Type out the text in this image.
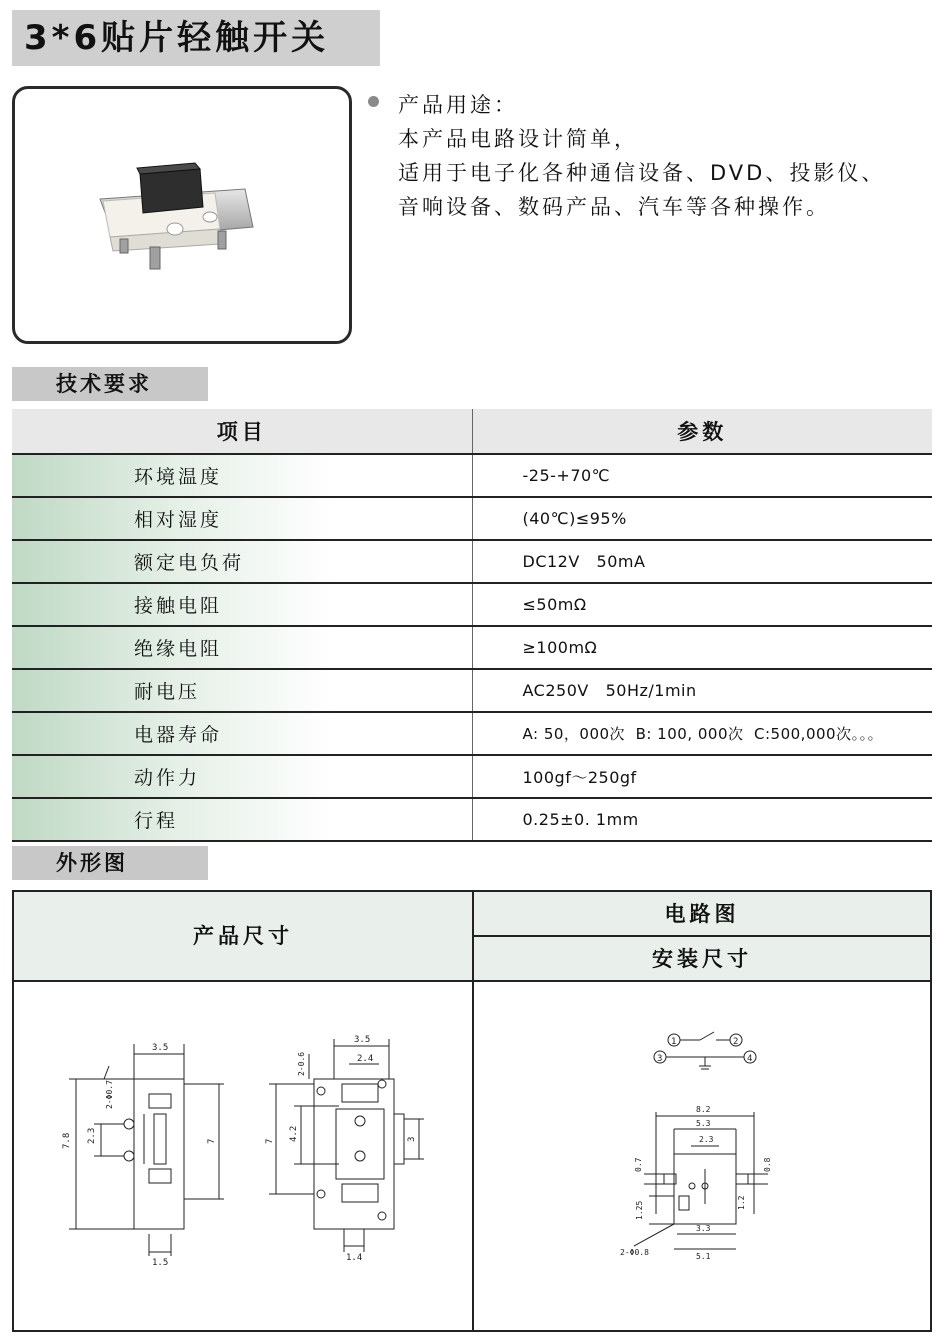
3*6贴片轻触开关
产品用途：
本产品电路设计简单，
适用于电子化各种通信设备、DVD、投影仪、
音响设备、数码产品、汽车等各种操作。
技术要求
项目	参数
环境温度	-25-+70℃
相对湿度	(40℃)≤95%
额定电负荷	DC12V   50mA
接触电阻	≤50mΩ
绝缘电阻	≥100mΩ
耐电压	AC250V   50Hz/1min
电器寿命	A: 50，000次  B: 100, 000次  C:500,000次。。。
动作力	100gf～250gf
行程	0.25±0. 1mm
外形图
产品尺寸
电路图
安装尺寸
3.5
7.8 2.3
2-Φ0.7
7
1.5
3.5
2.4
2-0.6
7 4.2	3
1.4
1	2
3	4
8.2
5.3
2.3
0.7	0.8
1.25	1.2
3.3
5.1
2-Φ0.8
